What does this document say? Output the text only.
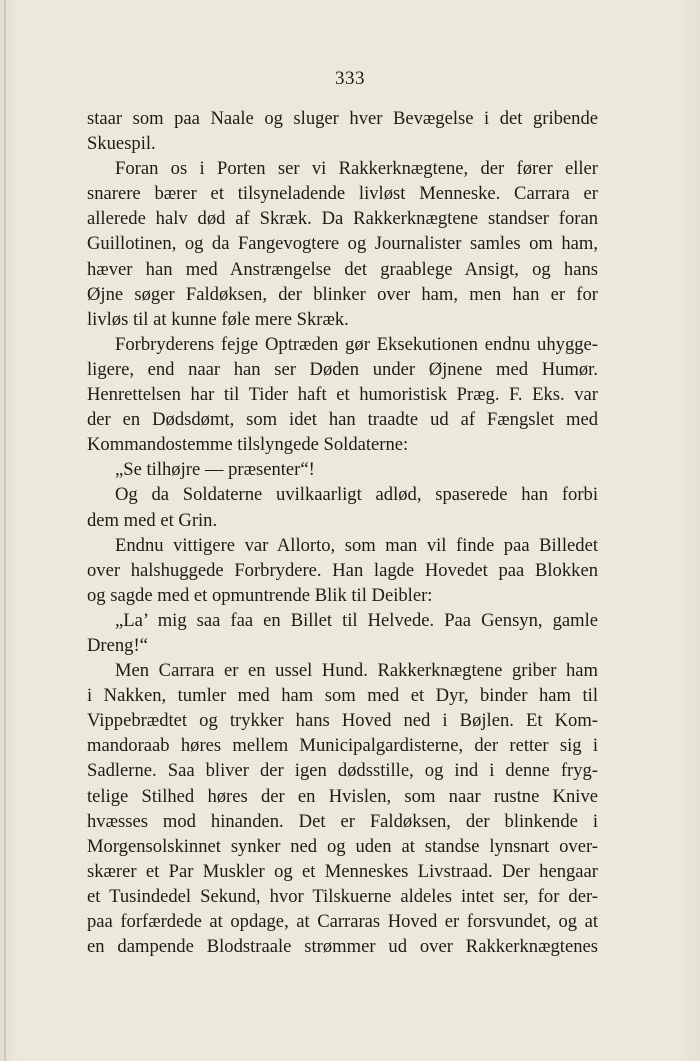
333
staar som paa Naale og sluger hver Bevægelse i det gribende
Skuespil.
Foran os i Porten ser vi Rakkerknægtene, der fører eller
snarere bærer et tilsyneladende livløst Menneske. Carrara er
allerede halv død af Skræk. Da Rakkerknægtene standser foran
Guillotinen, og da Fangevogtere og Journalister samles om ham,
hæver han med Anstrængelse det graablege Ansigt, og hans
Øjne søger Faldøksen, der blinker over ham, men han er for
livløs til at kunne føle mere Skræk.
Forbryderens fejge Optræden gør Eksekutionen endnu uhygge-
ligere, end naar han ser Døden under Øjnene med Humør.
Henrettelsen har til Tider haft et humoristisk Præg. F. Eks. var
der en Dødsdømt, som idet han traadte ud af Fængslet med
Kommandostemme tilslyngede Soldaterne:
„Se tilhøjre — præsenter“!
Og da Soldaterne uvilkaarligt adlød, spaserede han forbi
dem med et Grin.
Endnu vittigere var Allorto, som man vil finde paa Billedet
over halshuggede Forbrydere. Han lagde Hovedet paa Blokken
og sagde med et opmuntrende Blik til Deibler:
„La’ mig saa faa en Billet til Helvede. Paa Gensyn, gamle
Dreng!“
Men Carrara er en ussel Hund. Rakkerknægtene griber ham
i Nakken, tumler med ham som med et Dyr, binder ham til
Vippebrædtet og trykker hans Hoved ned i Bøjlen. Et Kom-
mandoraab høres mellem Municipalgardisterne, der retter sig i
Sadlerne. Saa bliver der igen dødsstille, og ind i denne fryg-
telige Stilhed høres der en Hvislen, som naar rustne Knive
hvæsses mod hinanden. Det er Faldøksen, der blinkende i
Morgensolskinnet synker ned og uden at standse lynsnart over-
skærer et Par Muskler og et Menneskes Livstraad. Der hengaar
et Tusindedel Sekund, hvor Tilskuerne aldeles intet ser, for der-
paa forfærdede at opdage, at Carraras Hoved er forsvundet, og at
en dampende Blodstraale strømmer ud over Rakkerknægtenes
